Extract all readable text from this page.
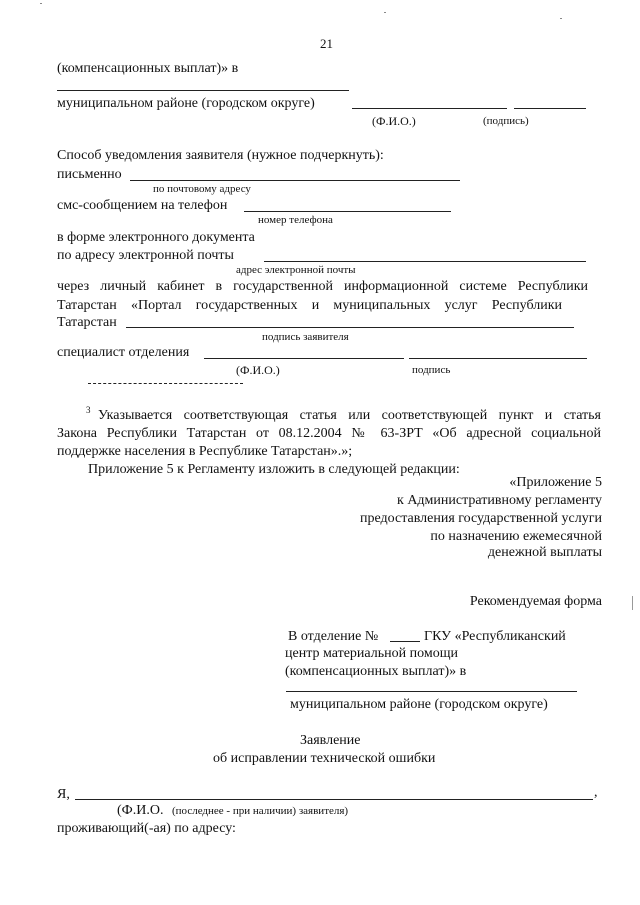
21
(компенсационных выплат)» в
муниципальном районе (городском округе)
(Ф.И.О.)	(подпись)
Способ уведомления заявителя (нужное подчеркнуть):
письменно
по почтовому адресу
смс-сообщением на телефон
номер телефона
в форме электронного документа
по адресу электронной почты
адрес электронной почты
через личный кабинет в государственной информационной системе Республики
Татарстан «Портал государственных и муниципальных услуг Республики
Татарстан
подпись заявителя
специалист отделения
(Ф.И.О.)	подпись
3 Указывается соответствующая статья или соответствующей пункт и статья
Закона Республики Татарстан от 08.12.2004 № 63-ЗРТ «Об адресной социальной
поддержке населения в Республике Татарстан».»;
Приложение 5 к Регламенту изложить в следующей редакции:
«Приложение 5
к Административному регламенту
предоставления государственной услуги
по назначению ежемесячной
денежной выплаты
Рекомендуемая форма
В отделение №	ГКУ «Республиканский
центр материальной помощи
(компенсационных выплат)» в
муниципальном районе (городском округе)
Заявление
об исправлении технической ошибки
Я,	,
(Ф.И.О. (последнее - при наличии) заявителя)
проживающий(-ая) по адресу:
